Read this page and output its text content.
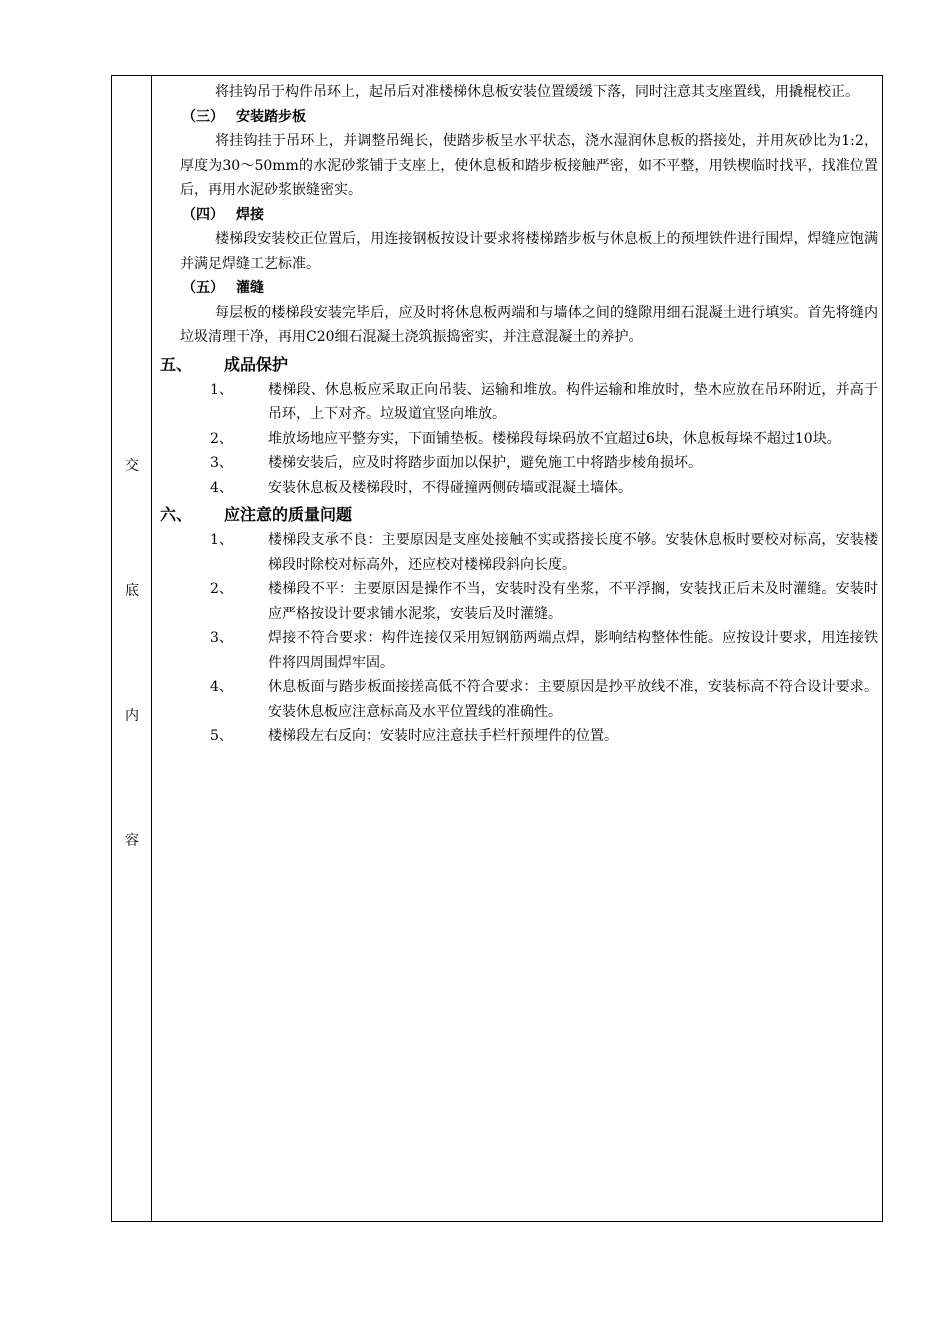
交
底
内
容

将挂钩吊于构件吊环上，起吊后对准楼梯休息板安装位置缓缓下落，同时注意其支座置线，用撬棍校正。

（三） 安装踏步板

将挂钩挂于吊环上，并调整吊绳长，使踏步板呈水平状态，浇水湿润休息板的搭接处，并用灰砂比为1:2，厚度为30～50mm的水泥砂浆铺于支座上，使休息板和踏步板接触严密，如不平整，用铁楔临时找平，找准位置后，再用水泥砂浆嵌缝密实。

（四） 焊接

楼梯段安装校正位置后，用连接钢板按设计要求将楼梯踏步板与休息板上的预埋铁件进行围焊，焊缝应饱满并满足焊缝工艺标准。

（五） 灌缝

每层板的楼梯段安装完毕后，应及时将休息板两端和与墙体之间的缝隙用细石混凝土进行填实。首先将缝内垃圾清理干净，再用C20细石混凝土浇筑振捣密实，并注意混凝土的养护。

五、 成品保护

1、	楼梯段、休息板应采取正向吊装、运输和堆放。构件运输和堆放时，垫木应放在吊环附近，并高于吊环，上下对齐。垃圾道宜竖向堆放。

2、	堆放场地应平整夯实，下面铺垫板。楼梯段每垛码放不宜超过6块，休息板每垛不超过10块。

3、	楼梯安装后，应及时将踏步面加以保护，避免施工中将踏步棱角损坏。

4、	安装休息板及楼梯段时，不得碰撞两侧砖墙或混凝土墙体。

六、 应注意的质量问题

1、	楼梯段支承不良：主要原因是支座处接触不实或搭接长度不够。安装休息板时要校对标高，安装楼梯段时除校对标高外，还应校对楼梯段斜向长度。

2、	楼梯段不平：主要原因是操作不当，安装时没有坐浆，不平浮搁，安装找正后未及时灌缝。安装时应严格按设计要求铺水泥浆，安装后及时灌缝。

3、	焊接不符合要求：构件连接仅采用短钢筋两端点焊，影响结构整体性能。应按设计要求，用连接铁件将四周围焊牢固。

4、	休息板面与踏步板面接搓高低不符合要求：主要原因是抄平放线不准，安装标高不符合设计要求。安装休息板应注意标高及水平位置线的准确性。

5、	楼梯段左右反向：安装时应注意扶手栏杆预埋件的位置。
